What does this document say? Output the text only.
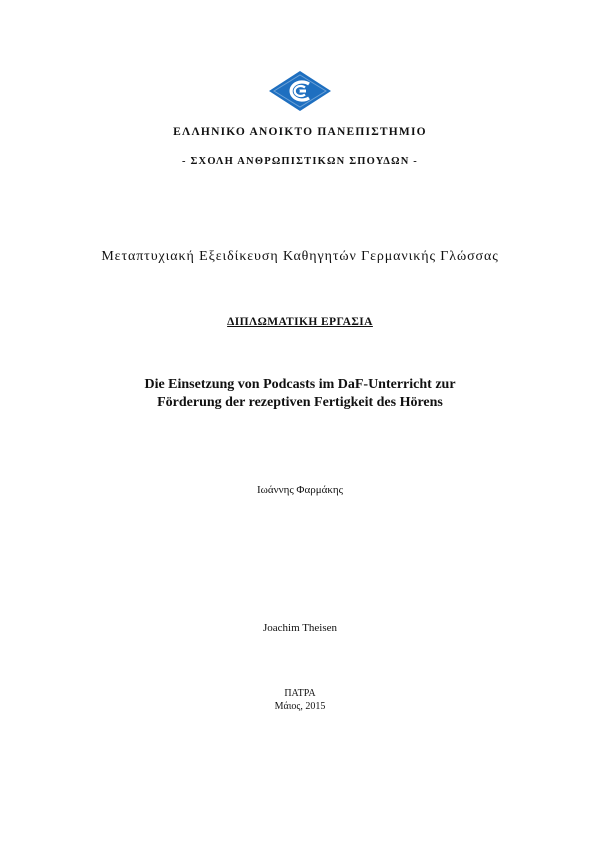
ΕΛΛΗΝΙΚΟ ΑΝΟΙΚΤΟ ΠΑΝΕΠΙΣΤΗΜΙΟ
- ΣΧΟΛΗ ΑΝΘΡΩΠΙΣΤΙΚΩΝ ΣΠΟΥΔΩΝ -
Μεταπτυχιακή Εξειδίκευση Καθηγητών Γερμανικής Γλώσσας
ΔΙΠΛΩΜΑΤΙΚΗ ΕΡΓΑΣΙΑ
Die Einsetzung von Podcasts im DaF-Unterricht zur
Förderung der rezeptiven Fertigkeit des Hörens
Ιωάννης Φαρμάκης
Joachim Theisen
ΠΑΤΡΑ
Μάιος, 2015
